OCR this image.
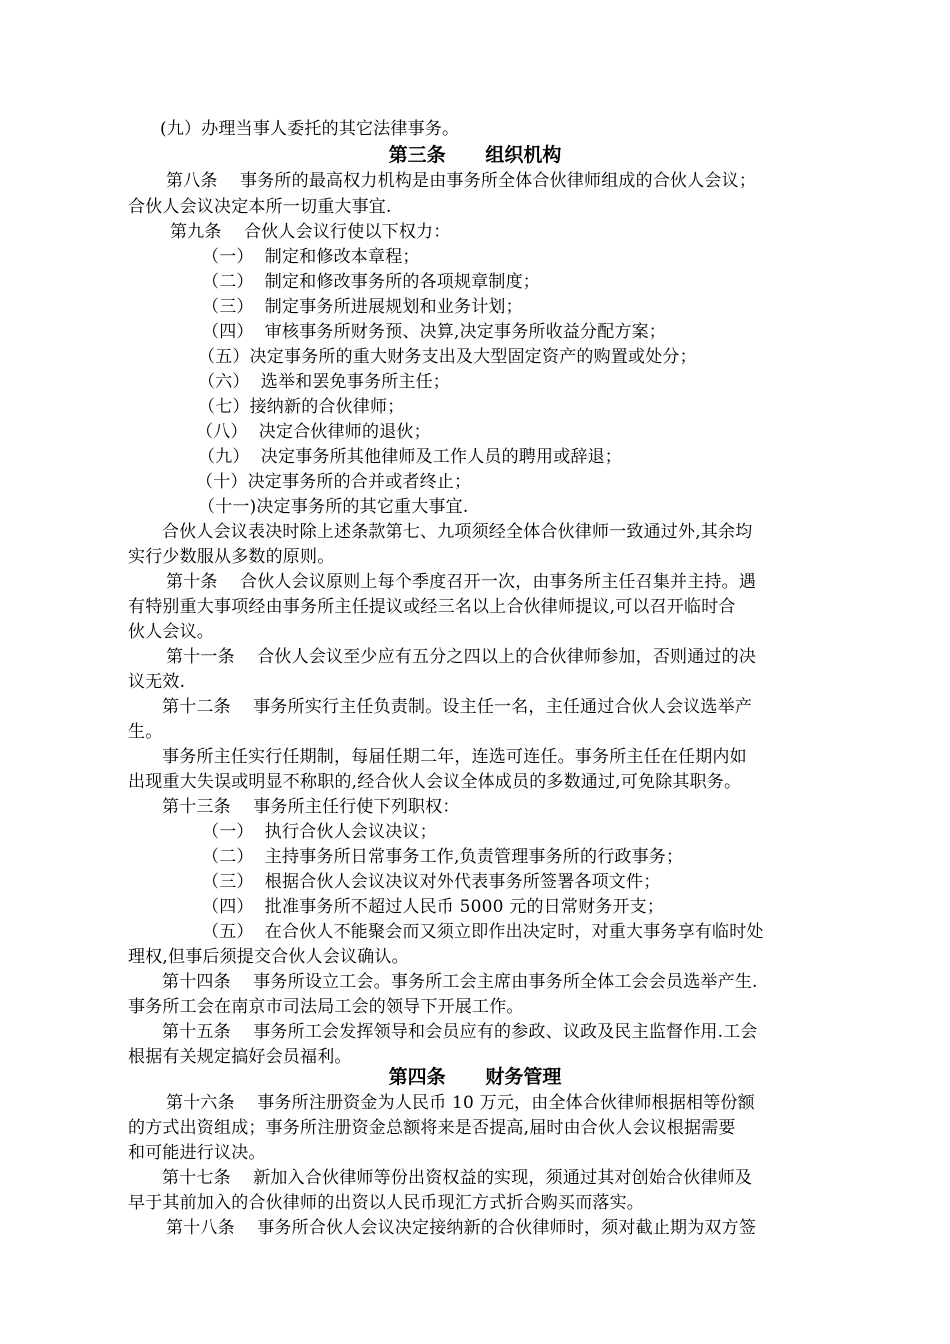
(九）办理当事人委托的其它法律事务。
第三条      组织机构
第八条    事务所的最高权力机构是由事务所全体合伙律师组成的合伙人会议；
合伙人会议决定本所一切重大事宜.
第九条    合伙人会议行使以下权力：
（一）  制定和修改本章程；
（二）  制定和修改事务所的各项规章制度；
（三）  制定事务所进展规划和业务计划；
（四）  审核事务所财务预、决算,决定事务所收益分配方案；
（五）决定事务所的重大财务支出及大型固定资产的购置或处分；
（六）  选举和罢免事务所主任；
（七）接纳新的合伙律师；
（八）  决定合伙律师的退伙；
（九）  决定事务所其他律师及工作人员的聘用或辞退；
（十）决定事务所的合并或者终止；
（十一)决定事务所的其它重大事宜.
合伙人会议表决时除上述条款第七、九项须经全体合伙律师一致通过外,其余均
实行少数服从多数的原则。
第十条    合伙人会议原则上每个季度召开一次，由事务所主任召集并主持。遇
有特别重大事项经由事务所主任提议或经三名以上合伙律师提议,可以召开临时合
伙人会议。
第十一条    合伙人会议至少应有五分之四以上的合伙律师参加，否则通过的决
议无效.
第十二条    事务所实行主任负责制。设主任一名，主任通过合伙人会议选举产
生。
事务所主任实行任期制，每届任期二年，连选可连任。事务所主任在任期内如
出现重大失误或明显不称职的,经合伙人会议全体成员的多数通过,可免除其职务。
第十三条    事务所主任行使下列职权：
（一）  执行合伙人会议决议；
（二）  主持事务所日常事务工作,负责管理事务所的行政事务；
（三）  根据合伙人会议决议对外代表事务所签署各项文件；
（四）  批准事务所不超过人民币 5000 元的日常财务开支；
（五）  在合伙人不能聚会而又须立即作出决定时，对重大事务享有临时处
理权,但事后须提交合伙人会议确认。
第十四条    事务所设立工会。事务所工会主席由事务所全体工会会员选举产生.
事务所工会在南京市司法局工会的领导下开展工作。
第十五条    事务所工会发挥领导和会员应有的参政、议政及民主监督作用.工会
根据有关规定搞好会员福利。
第四条      财务管理
第十六条    事务所注册资金为人民币 10 万元，由全体合伙律师根据相等份额
的方式出资组成；事务所注册资金总额将来是否提高,届时由合伙人会议根据需要
和可能进行议决。
第十七条    新加入合伙律师等份出资权益的实现，须通过其对创始合伙律师及
早于其前加入的合伙律师的出资以人民币现汇方式折合购买而落实。
第十八条    事务所合伙人会议决定接纳新的合伙律师时，须对截止期为双方签
